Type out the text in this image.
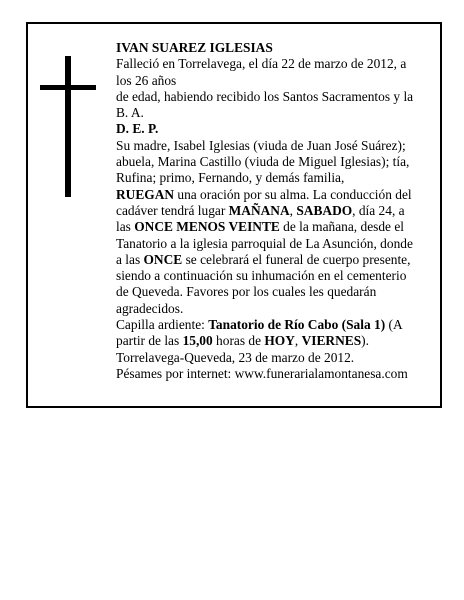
IVAN SUAREZ IGLESIAS

Falleció en Torrelavega, el día 22 de marzo de 2012, a los 26 años

de edad, habiendo recibido los Santos Sacramentos y la B. A.

D. E. P.

Su madre, Isabel Iglesias (viuda de Juan José Suárez); abuela, Marina Castillo (viuda de Miguel Iglesias); tía, Rufina; primo, Fernando, y demás familia,

RUEGAN una oración por su alma. La conducción del cadáver tendrá lugar MAÑANA, SABADO, día 24, a las ONCE MENOS VEINTE de la mañana, desde el Tanatorio a la iglesia parroquial de La Asunción, donde a las ONCE se celebrará el funeral de cuerpo presente, siendo a continuación su inhumación en el cementerio de Queveda. Favores por los cuales les quedarán agradecidos.

Capilla ardiente: Tanatorio de Río Cabo (Sala 1) (A partir de las 15,00 horas de HOY, VIERNES).

Torrelavega-Queveda, 23 de marzo de 2012.

Pésames por internet: www.funerarialamontanesa.com
